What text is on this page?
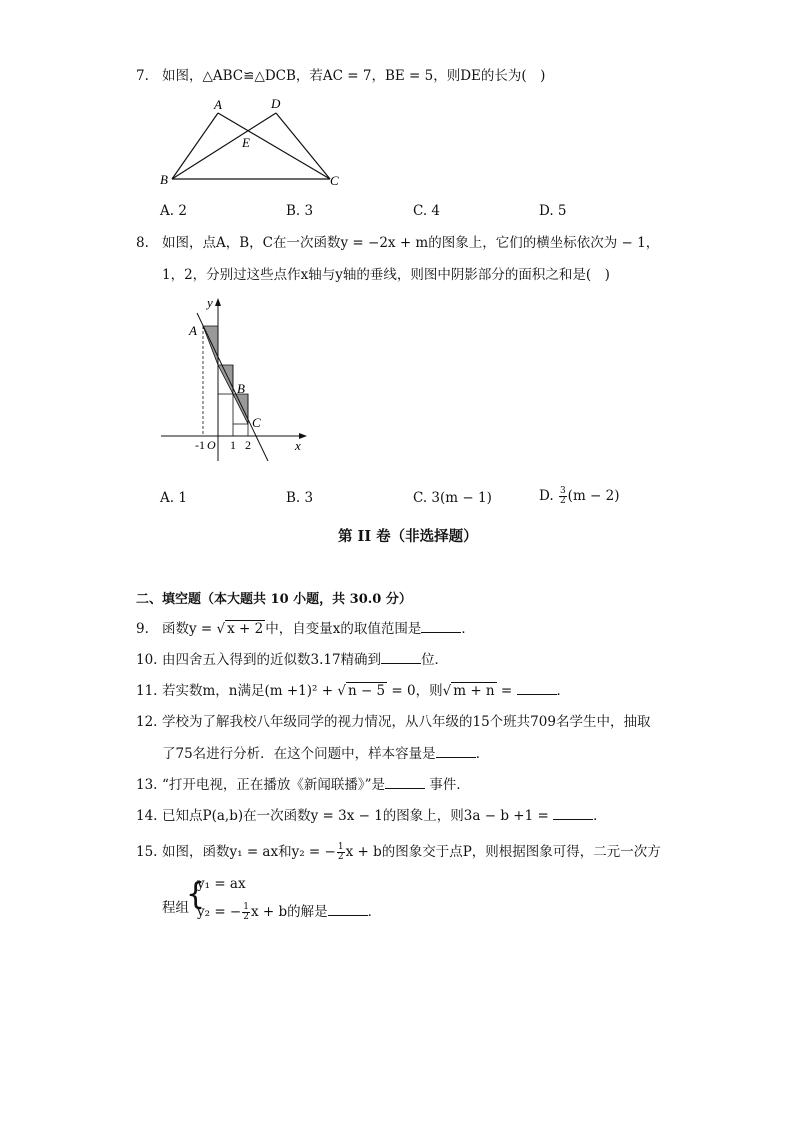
7. 如图，△ABC≌△DCB，若AC = 7，BE = 5，则DE的长为(　)
A	D
E
B	C
A. 2	B. 3	C. 4	D. 5
8. 如图，点A，B，C在一次函数y = −2x + m的图象上，它们的横坐标依次为 − 1，
1，2，分别过这些点作x轴与y轴的垂线，则图中阴影部分的面积之和是(　)
y
x
A
B
C
-1 O 1 2
A. 1	B. 3	C. 3(m − 1)	D. $\frac{3}{2} (m - 2)$
第 II 卷（非选择题）
二、填空题（本大题共 10 小题，共 30.0 分）
9. 函数y = √ x + 2 中，自变量x的取值范围是	．
10. 由四舍五入得到的近似数3.17精确到	位．
11. 若实数m，n满足(m +1)² + √ n − 5 = 0，则√ m + n =	．
12. 学校为了解我校八年级同学的视力情况，从八年级的15个班共709名学生中，抽取
了75名进行分析．在这个问题中，样本容量是	．
13. “打开电视，正在播放《新闻联播》”是	事件．
14. 已知点P(a,b)在一次函数y = 3x − 1的图象上，则3a − b +1 =	．
15. 如图，函数y₁ = ax和y₂ = − $\frac{1}{2}$ x + b的图象交于点P，则根据图象可得，二元一次方
程组
{
y₁ = ax
y₂ = − $\frac{1}{2}$ x + b的解是	．
